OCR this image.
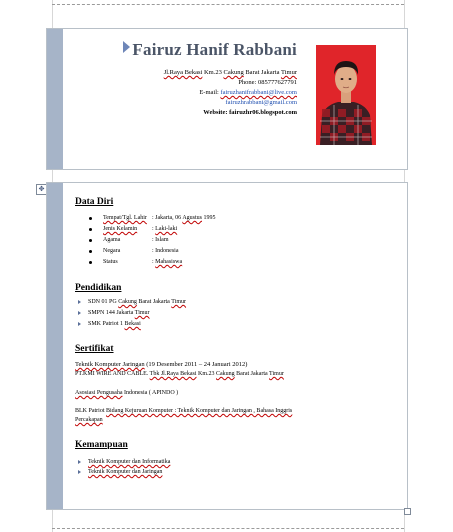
Fairuz Hanif Rabbani
Jl.Raya Bekasi Km.23 Cakung Barat Jakarta Timur
Phone: 085777627791
E-mail: fairuzhanifrabbani@live.com
fairuzhrabbani@gmail.com
Website: fairuzhr06.blogspot.com
✥
Data Diri
Tempat/Tgl. Lahir : Jakarta, 06 Agustus 1995
Jenis Kelamin : Laki-laki
Agama	: Islam
Negara	: Indonesia
Status	: Mahasiswa
Pendidikan
SDN 01 PG Cakung Barat Jakarta Timur
SMPN 144 Jakarta Timur
SMK Patriot 1 Bekasi
Sertifikat
Teknik Komputer Jaringan (19 Desember 2011 – 24 Januari 2012)
PT.KMI WIRE AND CABLE. Tbk Jl.Raya Bekasi Km.23 Cakung Barat Jakarta Timur
Asosiasi Pengusaha Indonesia ( APINDO )
BLK Patriot Bidang Kejuruan Komputer : Teknik Komputer dan Jaringan , Bahasa Inggris
Percakapan
Kemampuan
Teknik Komputer dan Informatika
Teknik Komputer dan Jaringan
